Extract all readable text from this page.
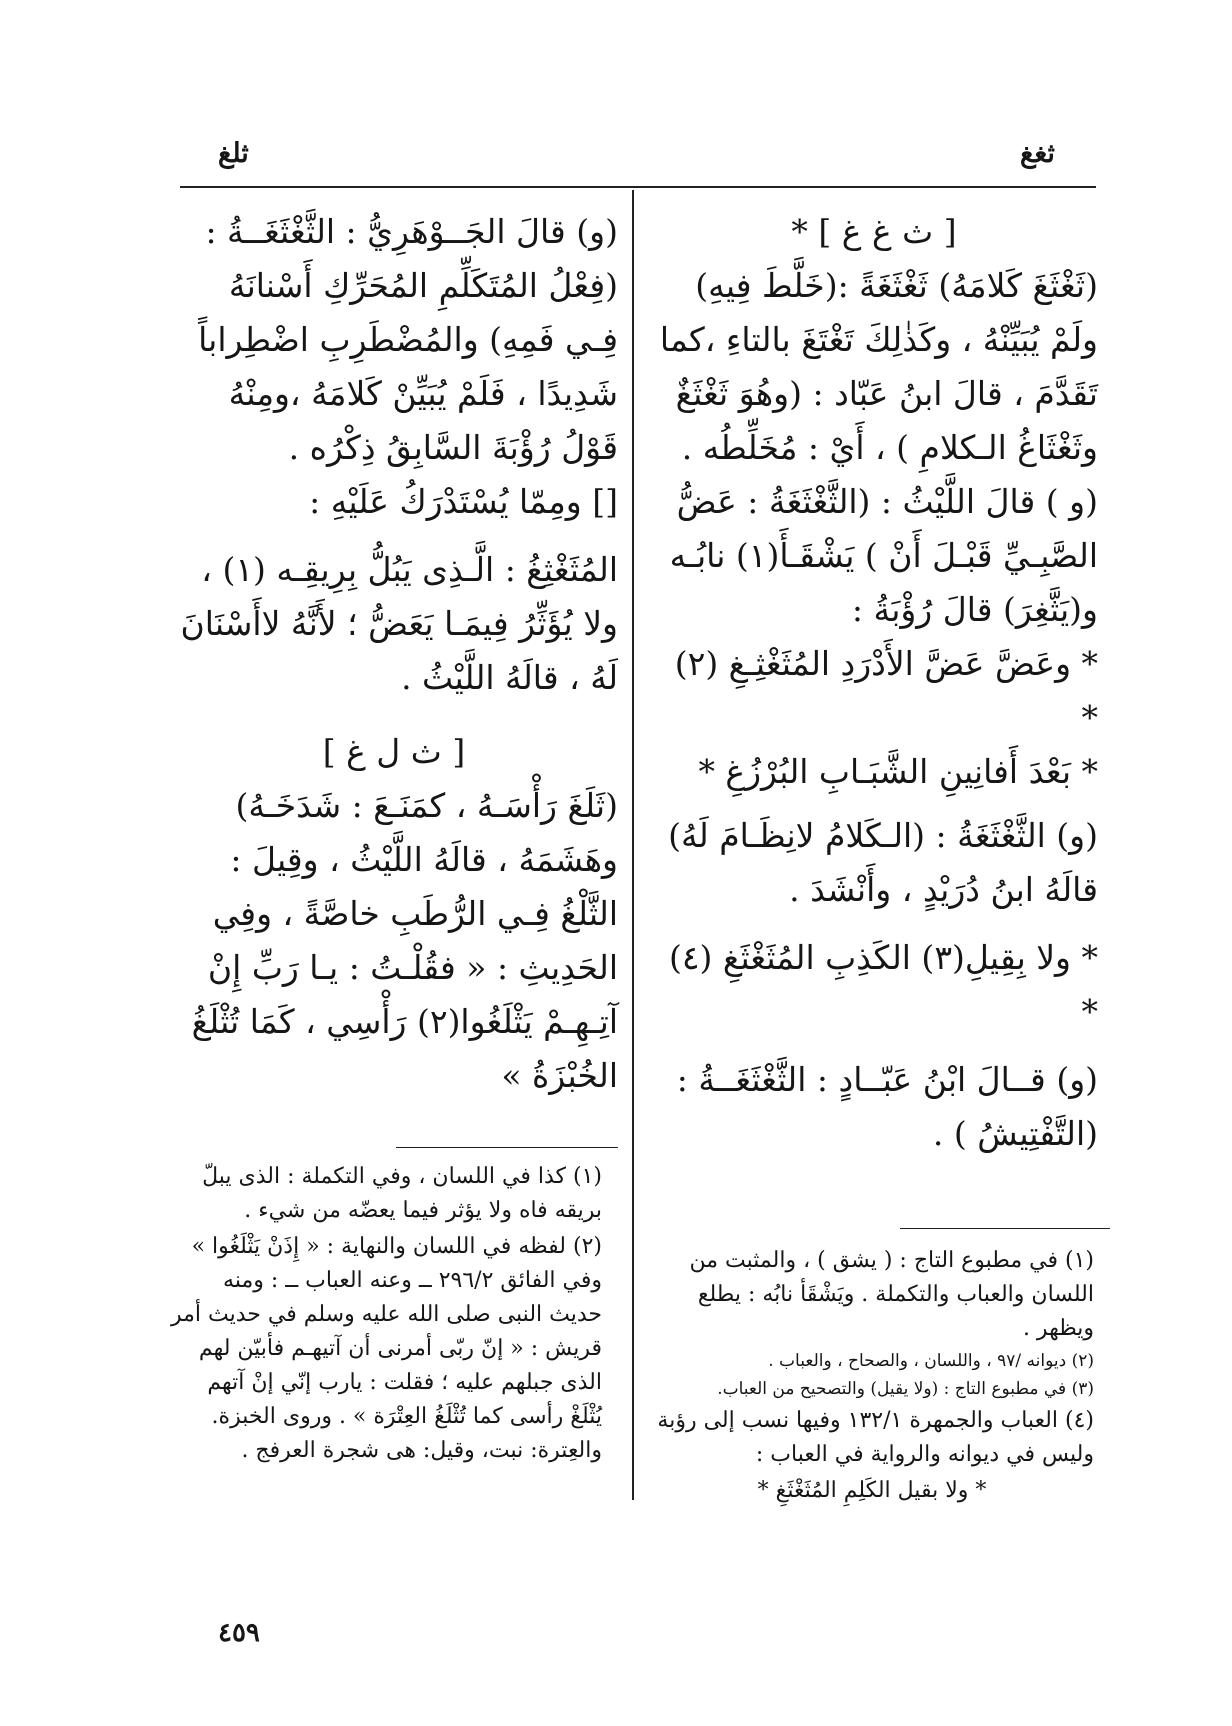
ثلغ	ثغغ

[ ث غ غ ] *

(ثَغْثَغَ كَلامَهُ) ثَغْثَغَةً :(خَلَّطَ فِيهِ) ولَمْ يُبَيِّنْهُ ، وكَذٰلِكَ تَغْتَغَ بالتاءِ ،كما تَقَدَّمَ ، قالَ ابنُ عَبّاد : (وهُوَ ثَغْثَغٌ وثَغْثَاغُ الـكلامِ ) ، أَيْ : مُخَلِّطُه .

(و ) قالَ اللَّيْثُ : (الثَّغْثَغَةُ : عَضُّ الصَّبِـيِّ قَبْـلَ أَنْ ) يَشْقَـأَ(١) نابُـه و(يَثَّغِرَ) قالَ رُؤْبَةُ :

* وعَضَّ عَضَّ الأَدْرَدِ المُثَغْثِـغِ (٢) *

* بَعْدَ أَفانِينِ الشَّبَـابِ البُرْزُغِ *

(و) الثَّغْثَغَةُ : (الـكَلامُ لانِظَـامَ لَهُ) قالَهُ ابنُ دُرَيْدٍ ، وأَنْشَدَ .

* ولا بِقِيلِ(٣) الكَذِبِ المُثَغْثَغِ (٤) *

(و) قــالَ ابْنُ عَبّــادٍ : الثَّغْثَغَــةُ : (التَّفْتِيشُ ) .

(و) قالَ الجَــوْهَرِيُّ : الثَّغْثَغَــةُ : (فِعْلُ المُتَكَلِّمِ المُحَرِّكِ أَسْنانَهُ فِـي فَمِهِ) والمُضْطَرِبِ اضْطِراباً شَدِيدًا ، فَلَمْ يُبَيِّنْ كَلامَهُ ،ومِنْهُ قَوْلُ رُؤْبَةَ السَّابِقُ ذِكْرُه .

[] ومِمّا يُسْتَدْرَكُ عَلَيْهِ :

المُثَغْثِغُ : الَّـذِى يَبُلُّ بِرِيقِـه (١) ، ولا يُؤَثِّرُ فِيمَـا يَعَضُّ ؛ لأَنَّهُ لاأَسْنَانَ لَهُ ، قالَهُ اللَّيْثُ .

[ ث ل غ ]

(ثَلَغَ رَأْسَـهُ ، كمَنَـعَ : شَدَخَـهُ) وهَشَمَهُ ، قالَهُ اللَّيْثُ ، وقِيلَ : الثَّلْغُ فِـي الرُّطَبِ خاصَّةً ، وفِي الحَدِيثِ : « فقُلْـتُ : يـا رَبِّ إِنْ آتِـهِـمْ يَثْلَغُوا(٢) رَأْسِي ، كَمَا تُثْلَغُ الخُبْزَةُ »

(١) كذا في اللسان ، وفي التكملة : الذى يبلّ بريقه فاه ولا يؤثر فيما يعضّه من شيء .

(٢) لفظه في اللسان والنهاية : « إِذَنْ يَثْلَغُوا » وفي الفائق ٢٩٦/٢ ــ وعنه العباب ــ : ومنه حديث النبى صلى الله عليه وسلم في حديث أمر قريش : « إنّ ربّى أمرنى أن آتيهـم فأبيّن لهم الذى جبلهم عليه ؛ فقلت : يارب إنّي إنْ آتهم يُثْلَغْ رأسى كما تُثْلَغُ العِتْرَة » . وروى الخبزة. والعِترة: نبت، وقيل: هى شجرة العرفج .

(١) في مطبوع التاج : ( يشق ) ، والمثبت من اللسان والعباب والتكملة . ويَشْقَأ نابُه : يطلع ويظهر .

(٢) ديوانه /٩٧ ، واللسان ، والصحاح ، والعباب .

(٣) في مطبوع التاج : (ولا يقيل) والتصحيح من العباب.

(٤) العباب والجمهرة ١٣٢/١ وفيها نسب إلى رؤبة وليس في ديوانه والرواية في العباب :

* ولا بقيل الكَلِمِ المُثَغْثَغِ *

٤٥٩
